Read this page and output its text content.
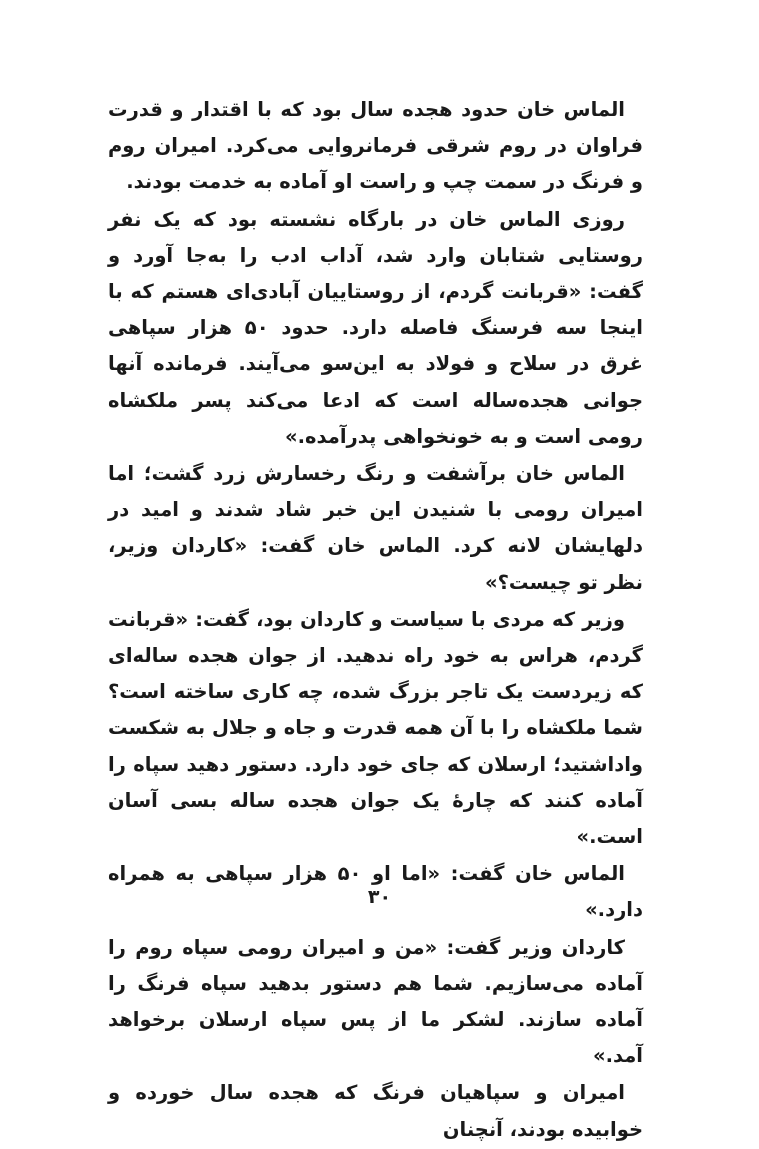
الماس خان حدود هجده سال بود که با اقتدار و قدرت فراوان در روم شرقی فرمانروایی می‌کرد. امیران روم و فرنگ در سمت چپ و راست او آماده به خدمت بودند.

روزی الماس خان در بارگاه نشسته بود که یک نفر روستایی شتابان وارد شد، آداب ادب را به‌جا آورد و گفت: «قربانت گردم، از روستاییان آبادی‌ای هستم که با اینجا سه فرسنگ فاصله دارد. حدود ۵۰ هزار سپاهی غرق در سلاح و فولاد به این‌سو می‌آیند. فرمانده آنها جوانی هجده‌ساله است که ادعا می‌کند پسر ملکشاه رومی است و به خونخواهی پدرآمده.»

الماس خان برآشفت و رنگ رخسارش زرد گشت؛ اما امیران رومی با شنیدن این خبر شاد شدند و امید در دلهایشان لانه کرد. الماس خان گفت: «کاردان وزیر، نظر تو چیست؟»

وزیر که مردی با سیاست و کاردان بود، گفت: «قربانت گردم، هراس به خود راه ندهید. از جوان هجده ساله‌ای که زیردست یک تاجر بزرگ شده، چه کاری ساخته است؟ شما ملکشاه را با آن همه قدرت و جاه و جلال به شکست واداشتید؛ ارسلان که جای خود دارد. دستور دهید سپاه را آماده کنند که چارهٔ یک جوان هجده ساله بسی آسان است.»

الماس خان گفت: «اما او ۵۰ هزار سپاهی به همراه دارد.»

کاردان وزیر گفت: «من و امیران رومی سپاه روم را آماده می‌سازیم. شما هم دستور بدهید سپاه فرنگ را آماده سازند. لشکر ما از پس سپاه ارسلان برخواهد آمد.»

امیران و سپاهیان فرنگ که هجده سال خورده و خوابیده بودند، آنچنان

۳۰
